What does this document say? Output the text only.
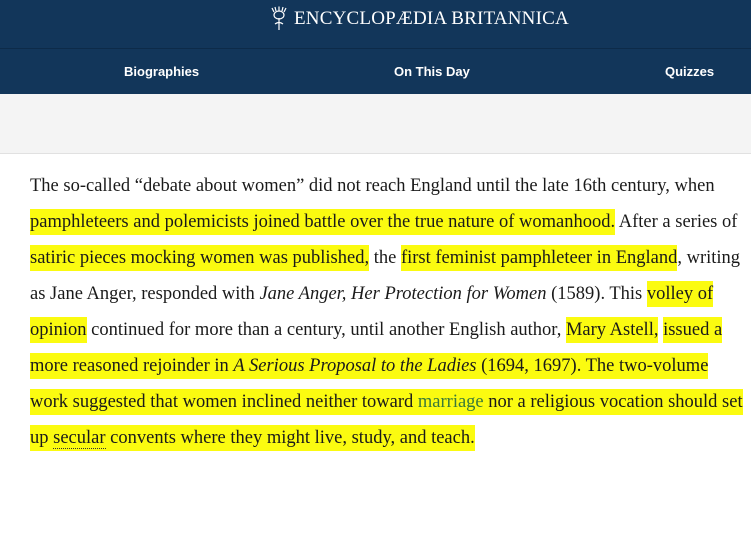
ENCYCLOPÆDIA BRITANNICA
Biographies	On This Day	Quizzes

The so-called “debate about women” did not reach England until the late 16th century, when pamphleteers and polemicists joined battle over the true nature of womanhood. After a series of satiric pieces mocking women was published, the first feminist pamphleteer in England, writing as Jane Anger, responded with Jane Anger, Her Protection for Women (1589). This volley of opinion continued for more than a century, until another English author, Mary Astell, issued a more reasoned rejoinder in A Serious Proposal to the Ladies (1694, 1697). The two-volume work suggested that women inclined neither toward marriage nor a religious vocation should set up secular convents where they might live, study, and teach.
